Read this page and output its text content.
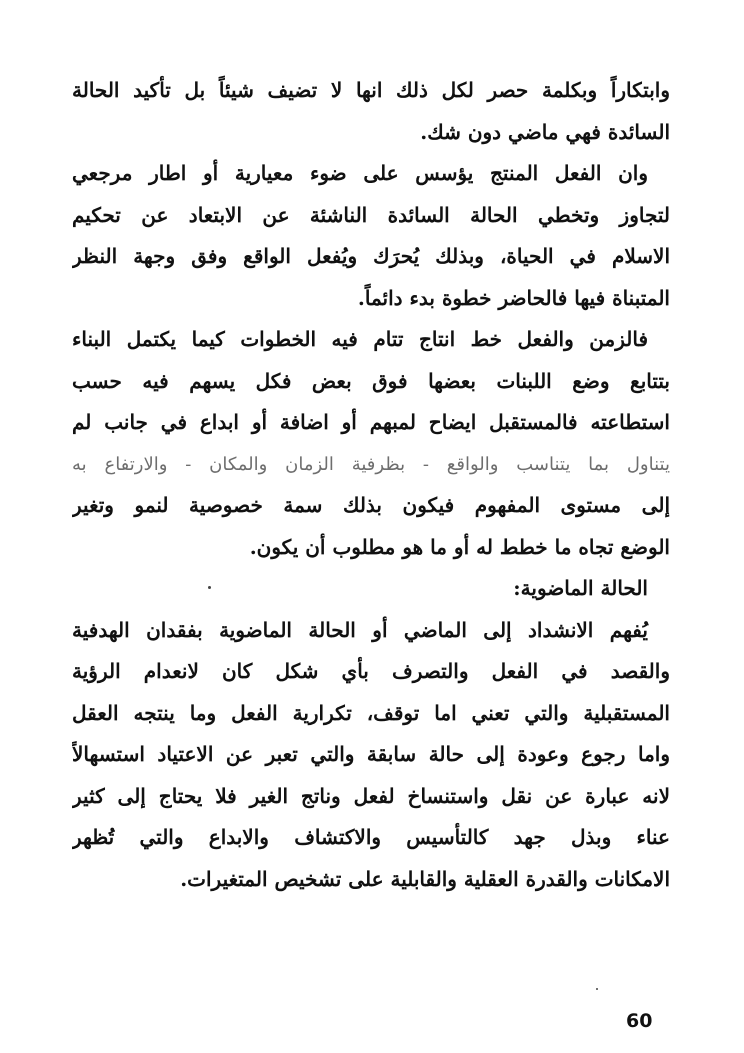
وابتكاراً وبكلمة حصر لكل ذلك انها لا تضيف شيئاً بل تأكيد الحالة
السائدة فهي ماضي دون شك.
وان الفعل المنتج يؤسس على ضوء معيارية أو اطار مرجعي
لتجاوز وتخطي الحالة السائدة الناشئة عن الابتعاد عن تحكيم
الاسلام في الحياة، وبذلك يُحرَك ويُفعل الواقع وفق وجهة النظر
المتبناة فيها فالحاضر خطوة بدء دائماً.
فالزمن والفعل خط انتاج تتام فيه الخطوات كيما يكتمل البناء
بتتابع وضع اللبنات بعضها فوق بعض فكل يسهم فيه حسب
استطاعته فالمستقبل ايضاح لمبهم أو اضافة أو ابداع في جانب لم
يتناول بما يتناسب والواقع - بظرفية الزمان والمكان - والارتفاع به
إلى مستوى المفهوم فيكون بذلك سمة خصوصية لنمو وتغير
الوضع تجاه ما خطط له أو ما هو مطلوب أن يكون.
الحالة الماضوية:
يُفهم الانشداد إلى الماضي أو الحالة الماضوية بفقدان الهدفية
والقصد في الفعل والتصرف بأي شكل كان لانعدام الرؤية
المستقبلية والتي تعني اما توقف، تكرارية الفعل وما ينتجه العقل
واما رجوع وعودة إلى حالة سابقة والتي تعبر عن الاعتياد استسهالاً
لانه عبارة عن نقل واستنساخ لفعل وناتج الغير فلا يحتاج إلى كثير
عناء وبذل جهد كالتأسيس والاكتشاف والابداع والتي تُظهر
الامكانات والقدرة العقلية والقابلية على تشخيص المتغيرات.
60
